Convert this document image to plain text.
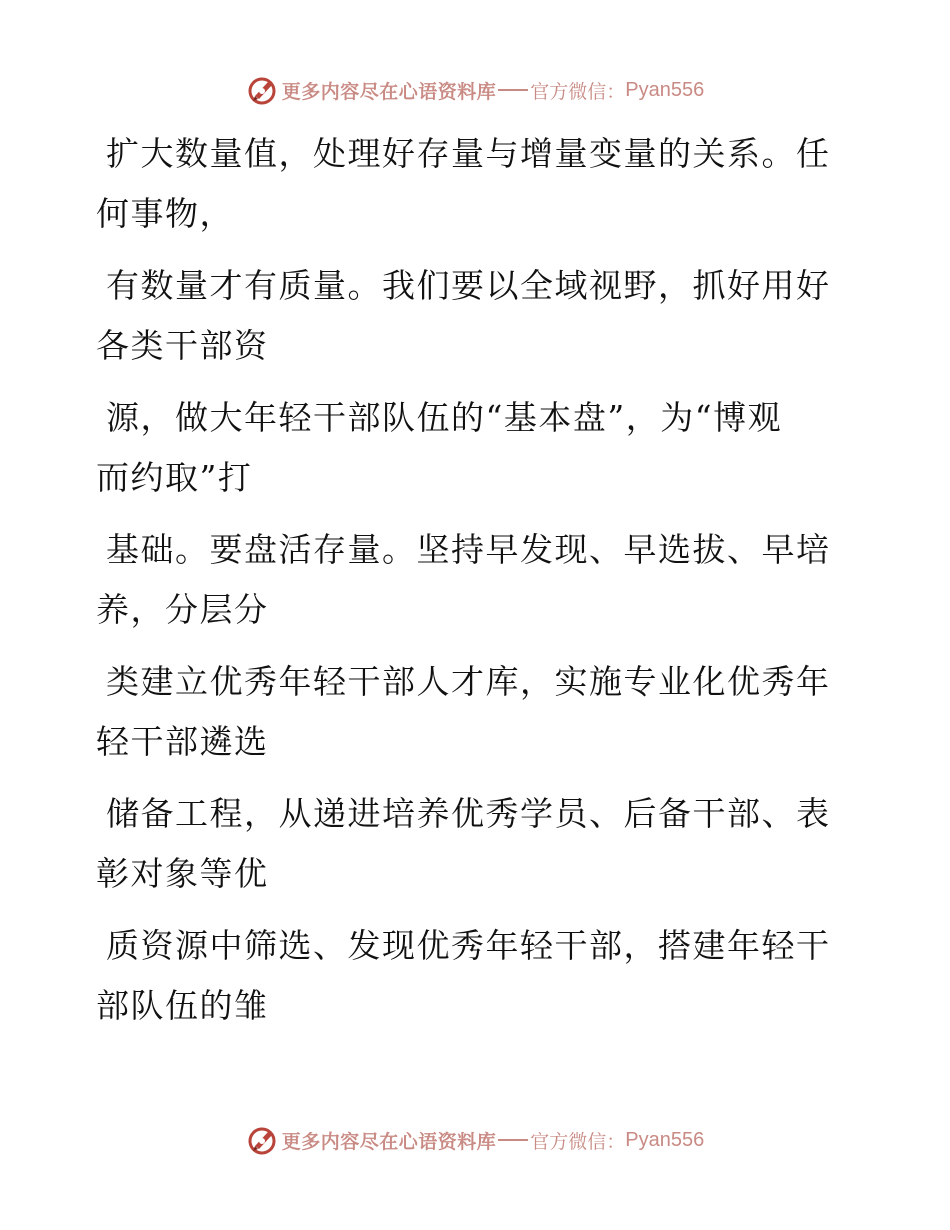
更多内容尽在心语资料库 官方微信： Pyan556

扩大数量值，处理好存量与增量变量的关系。任
何事物，

有数量才有质量。我们要以全域视野，抓好用好
各类干部资

源，做大年轻干部队伍的“基本盘”，为“博观
而约取”打

基础。要盘活存量。坚持早发现、早选拔、早培
养，分层分

类建立优秀年轻干部人才库，实施专业化优秀年
轻干部遴选

储备工程，从递进培养优秀学员、后备干部、表
彰对象等优

质资源中筛选、发现优秀年轻干部，搭建年轻干
部队伍的雏

更多内容尽在心语资料库 官方微信： Pyan556
